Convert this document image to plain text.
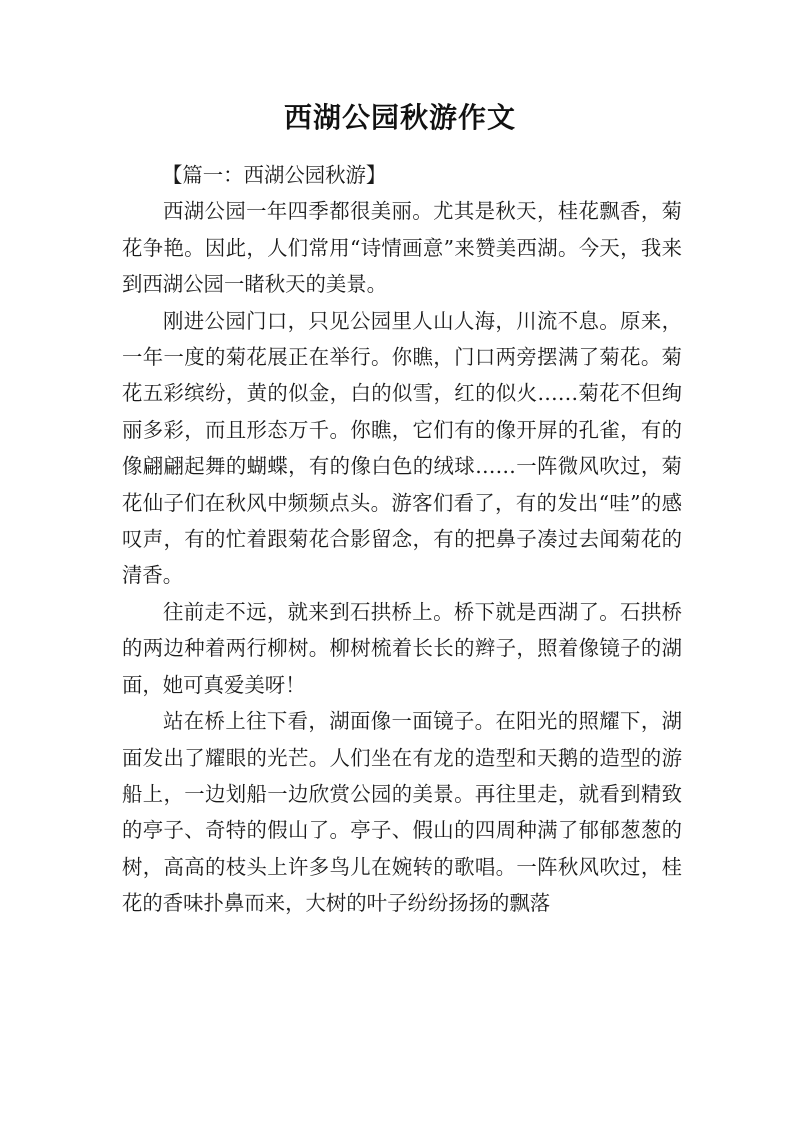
西湖公园秋游作文

【篇一：西湖公园秋游】

西湖公园一年四季都很美丽。尤其是秋天，桂花飘香，菊花争艳。因此，人们常用“诗情画意”来赞美西湖。今天，我来到西湖公园一睹秋天的美景。

刚进公园门口，只见公园里人山人海，川流不息。原来，一年一度的菊花展正在举行。你瞧，门口两旁摆满了菊花。菊花五彩缤纷，黄的似金，白的似雪，红的似火……菊花不但绚丽多彩，而且形态万千。你瞧，它们有的像开屏的孔雀，有的像翩翩起舞的蝴蝶，有的像白色的绒球……一阵微风吹过，菊花仙子们在秋风中频频点头。游客们看了，有的发出“哇”的感叹声，有的忙着跟菊花合影留念，有的把鼻子凑过去闻菊花的清香。

往前走不远，就来到石拱桥上。桥下就是西湖了。石拱桥的两边种着两行柳树。柳树梳着长长的辫子，照着像镜子的湖面，她可真爱美呀！

站在桥上往下看，湖面像一面镜子。在阳光的照耀下，湖面发出了耀眼的光芒。人们坐在有龙的造型和天鹅的造型的游船上，一边划船一边欣赏公园的美景。再往里走，就看到精致的亭子、奇特的假山了。亭子、假山的四周种满了郁郁葱葱的树，高高的枝头上许多鸟儿在婉转的歌唱。一阵秋风吹过，桂花的香味扑鼻而来，大树的叶子纷纷扬扬的飘落
